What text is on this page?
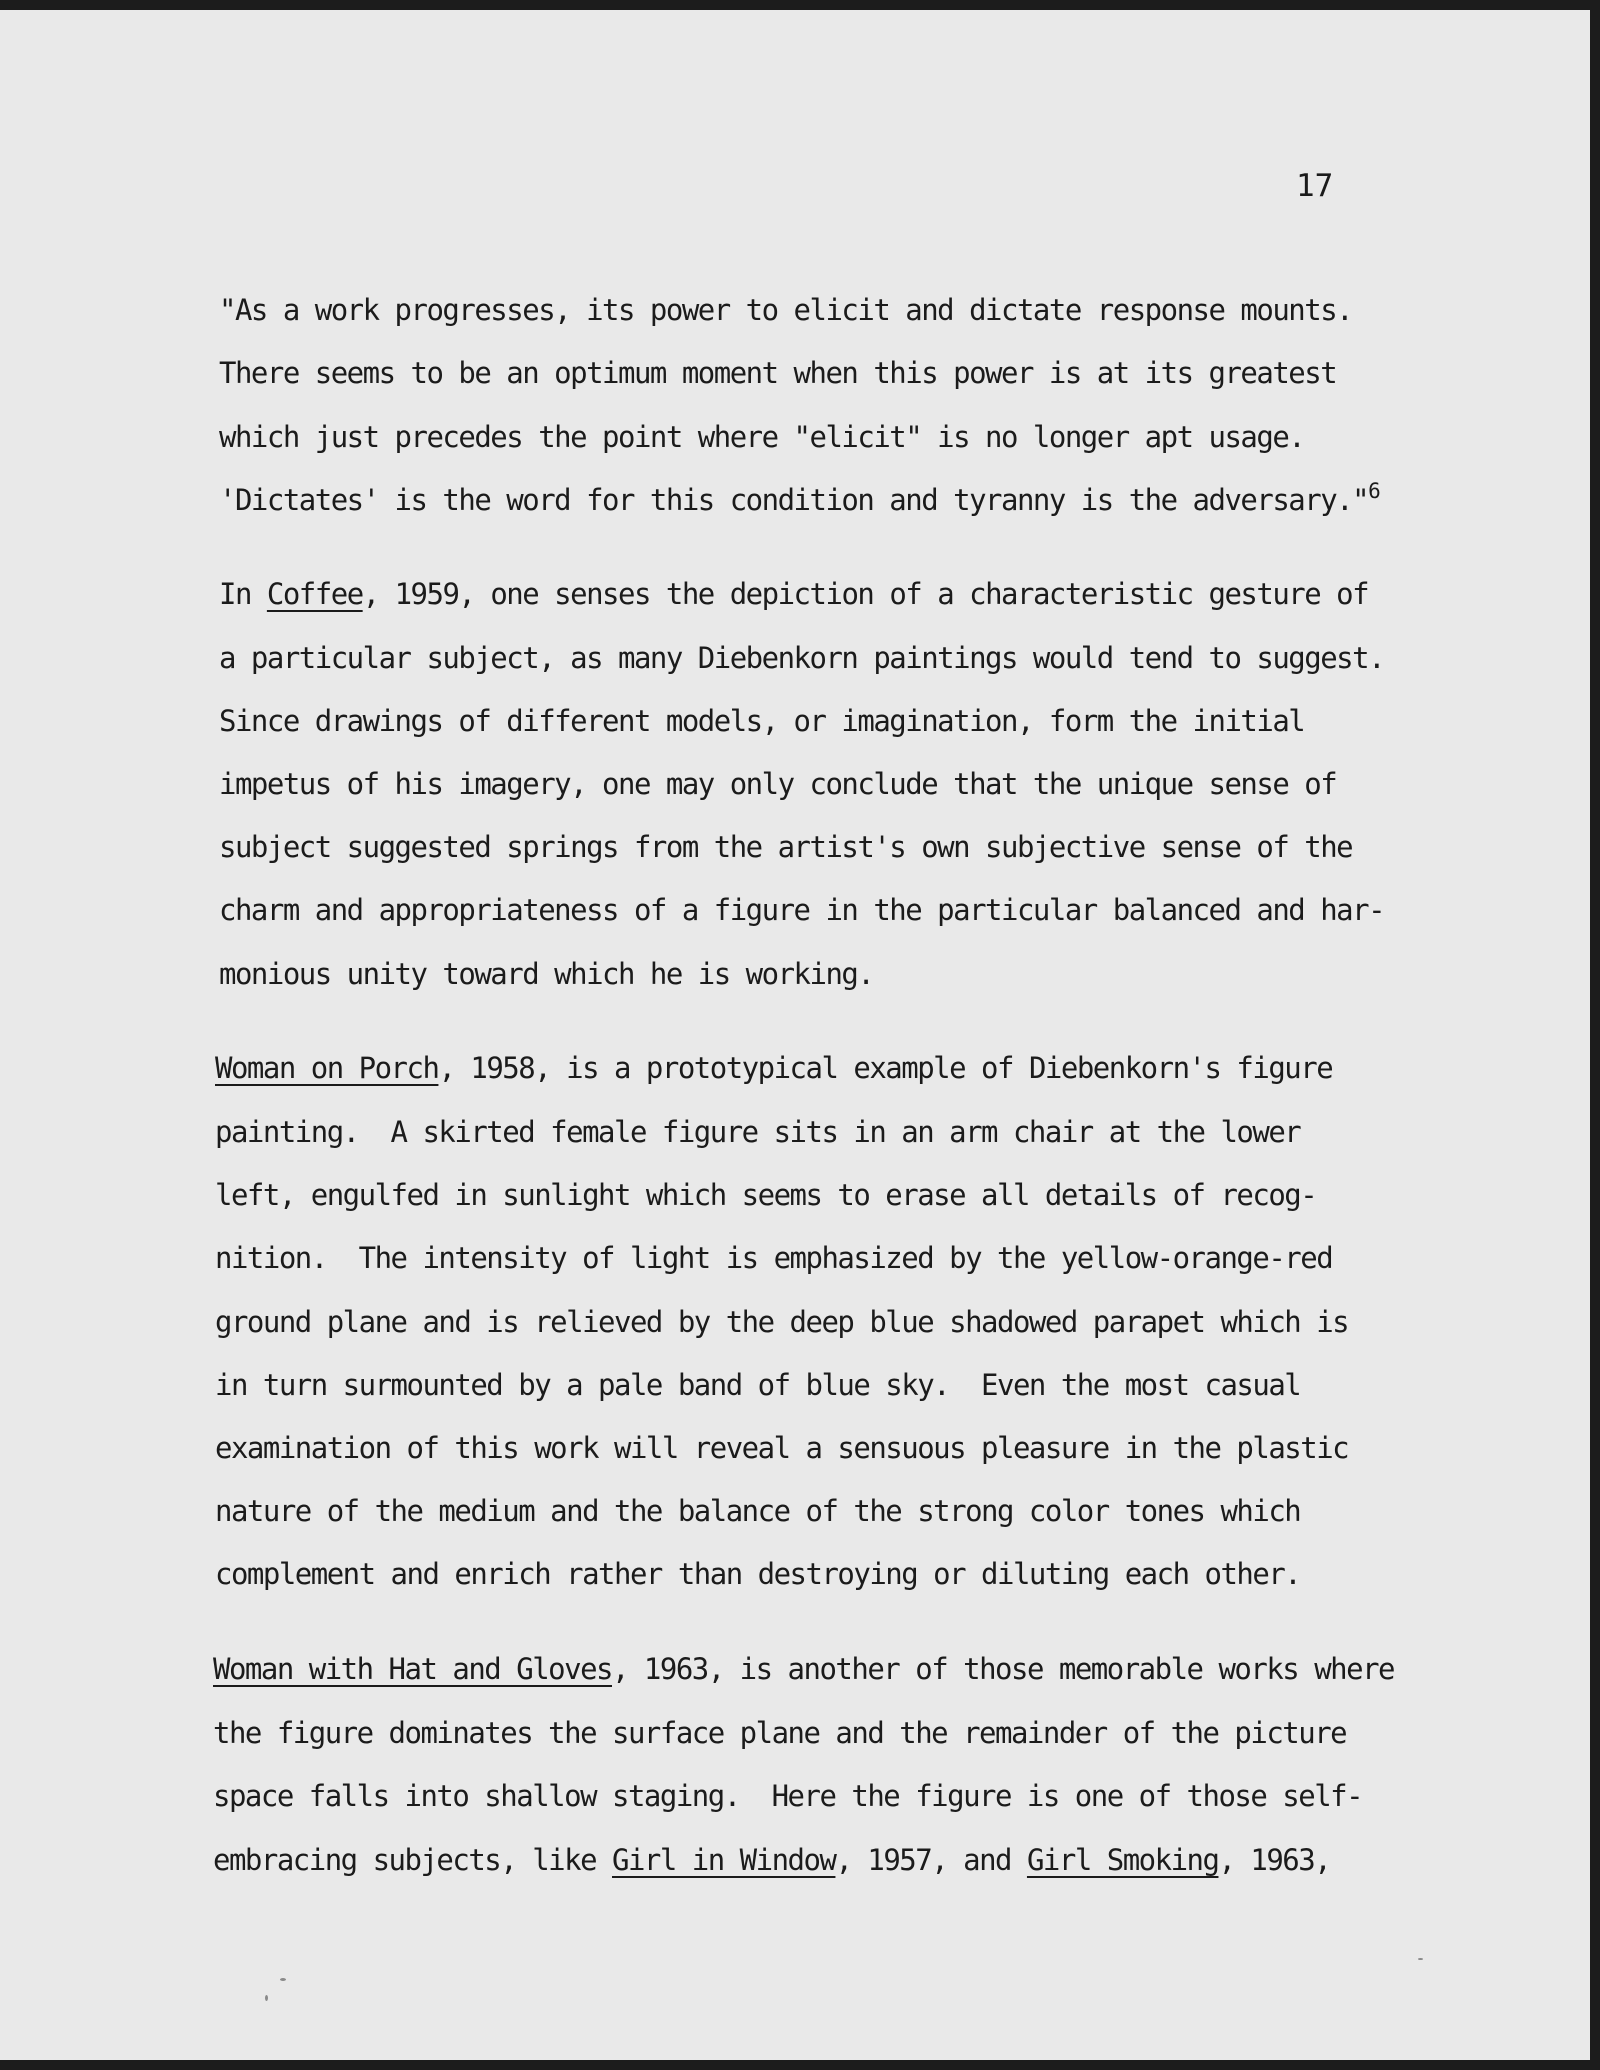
17
"As a work progresses, its power to elicit and dictate response mounts.
There seems to be an optimum moment when this power is at its greatest
which just precedes the point where "elicit" is no longer apt usage.
'Dictates' is the word for this condition and tyranny is the adversary."$^6$
In Coffee, 1959, one senses the depiction of a characteristic gesture of
a particular subject, as many Diebenkorn paintings would tend to suggest.
Since drawings of different models, or imagination, form the initial
impetus of his imagery, one may only conclude that the unique sense of
subject suggested springs from the artist's own subjective sense of the
charm and appropriateness of a figure in the particular balanced and har-
monious unity toward which he is working.
Woman on Porch, 1958, is a prototypical example of Diebenkorn's figure
painting.  A skirted female figure sits in an arm chair at the lower
left, engulfed in sunlight which seems to erase all details of recog-
nition.  The intensity of light is emphasized by the yellow-orange-red
ground plane and is relieved by the deep blue shadowed parapet which is
in turn surmounted by a pale band of blue sky.  Even the most casual
examination of this work will reveal a sensuous pleasure in the plastic
nature of the medium and the balance of the strong color tones which
complement and enrich rather than destroying or diluting each other.
Woman with Hat and Gloves, 1963, is another of those memorable works where
the figure dominates the surface plane and the remainder of the picture
space falls into shallow staging.  Here the figure is one of those self-
embracing subjects, like Girl in Window, 1957, and Girl Smoking, 1963,
